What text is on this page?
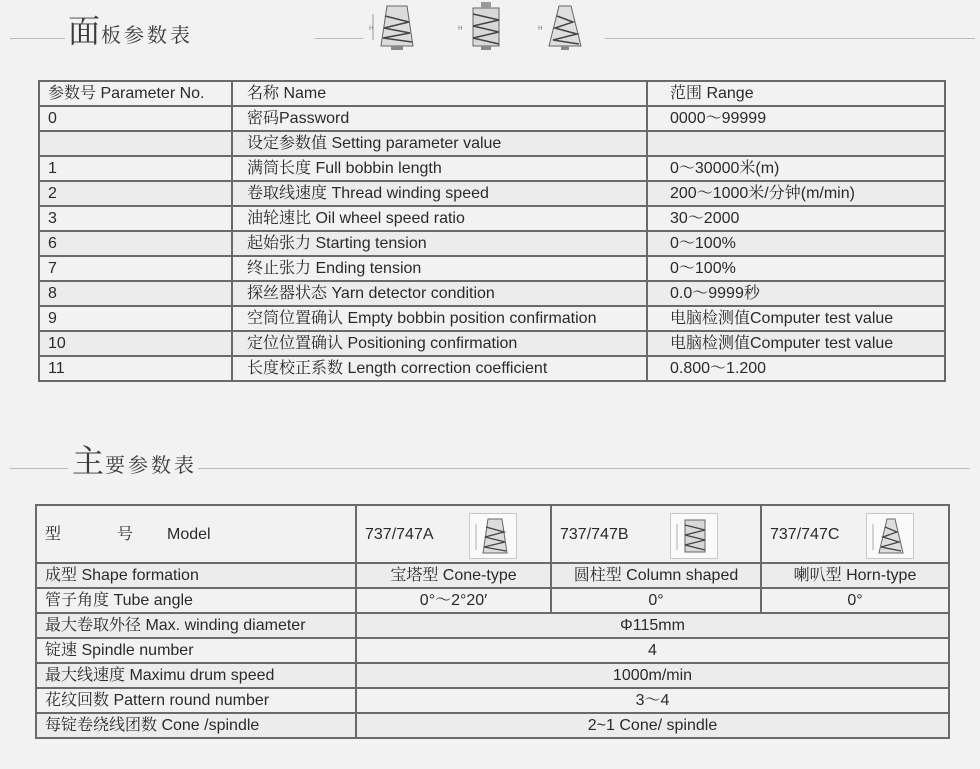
面板参数表	H	H	H
参数号 Parameter No.	名称 Name	范围 Range
0	密码Password	0000～99999
	设定参数值 Setting parameter value	
1	满筒长度 Full bobbin length	0～30000米(m)
2	卷取线速度 Thread winding speed	200～1000米/分钟(m/min)
3	油轮速比 Oil wheel speed ratio	30～2000
6	起始张力 Starting tension	0～100%
7	终止张力 Ending tension	0～100%
8	探丝器状态 Yarn detector condition	0.0～9999秒
9	空筒位置确认 Empty bobbin position confirmation	电脑检测值Computer test value
10	定位位置确认 Positioning confirmation	电脑检测值Computer test value
11	长度校正系数 Length correction coefficient	0.800～1.200
主要参数表
型 号 Model	737/747A	737/747B	737/747C

成型 Shape formation	宝塔型 Cone-type	圆柱型 Column shaped	喇叭型 Horn-type
管子角度 Tube angle	0°～2°20′	0°	0°
最大卷取外径 Max. winding diameter	Φ115mm		
锭速 Spindle number	4		
最大线速度 Maximu drum speed	1000m/min		
花纹回数 Pattern round number	3～4		
每锭卷绕线团数 Cone /spindle	2~1 Cone/ spindle		
